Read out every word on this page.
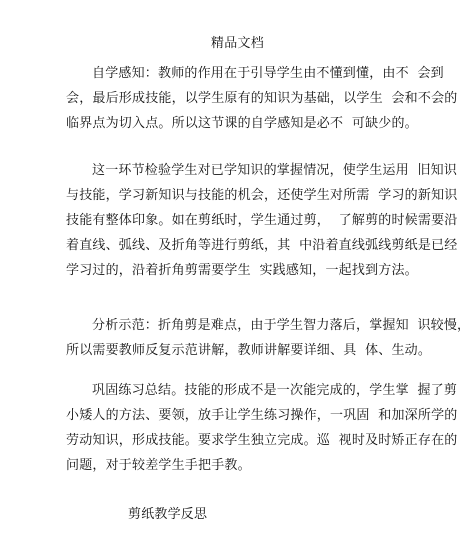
精品文档
自学感知：教师的作用在于引导学生由不懂到懂，由不  会到
会，最后形成技能，以学生原有的知识为基础，以学生  会和不会的
临界点为切入点。所以这节课的自学感知是必不  可缺少的。
这一环节检验学生对已学知识的掌握情况，使学生运用  旧知识
与技能，学习新知识与技能的机会，还使学生对所需  学习的新知识
技能有整体印象。如在剪纸时，学生通过剪，  了解剪的时候需要沿
着直线、弧线、及折角等进行剪纸，其  中沿着直线弧线剪纸是已经
学习过的，沿着折角剪需要学生  实践感知，一起找到方法。
分析示范：折角剪是难点，由于学生智力落后，掌握知  识较慢，
所以需要教师反复示范讲解，教师讲解要详细、具  体、生动。
巩固练习总结。技能的形成不是一次能完成的，学生掌  握了剪
小矮人的方法、要领，放手让学生练习操作，一巩固  和加深所学的
劳动知识，形成技能。要求学生独立完成。巡  视时及时矫正存在的
问题，对于较差学生手把手教。
剪纸教学反思
